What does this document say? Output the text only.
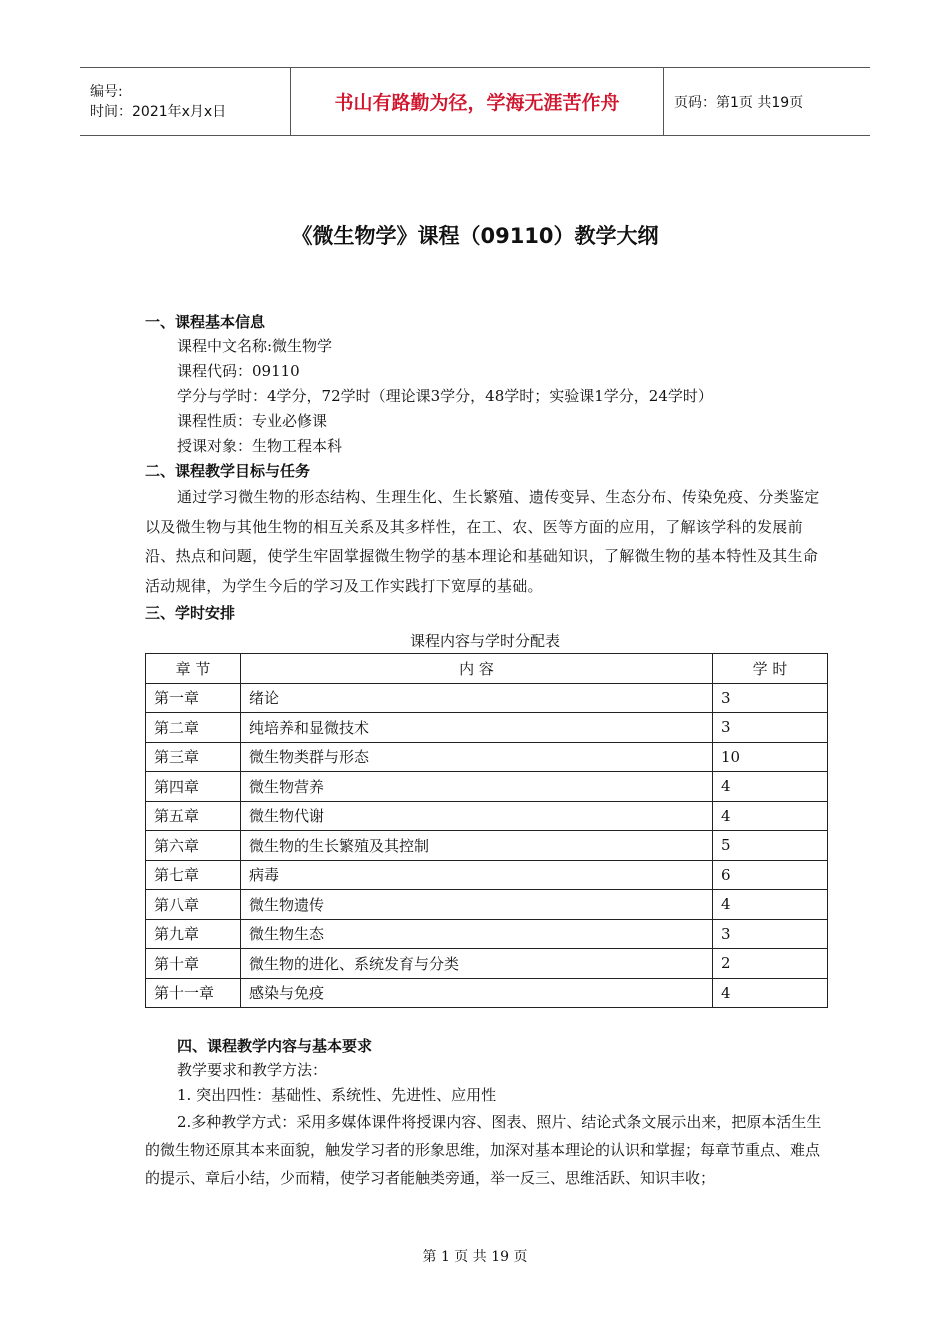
编号:
时间：2021年x月x日	书山有路勤为径，学海无涯苦作舟	页码：第1页 共19页
《微生物学》课程（09110）教学大纲
一、课程基本信息
课程中文名称:微生物学
课程代码：09110
学分与学时：4学分，72学时（理论课3学分，48学时；实验课1学分，24学时）
课程性质：专业必修课
授课对象：生物工程本科
二、课程教学目标与任务
通过学习微生物的形态结构、生理生化、生长繁殖、遗传变异、生态分布、传染免疫、分类鉴定以及微生物与其他生物的相互关系及其多样性，在工、农、医等方面的应用，了解该学科的发展前沿、热点和问题，使学生牢固掌握微生物学的基本理论和基础知识，了解微生物的基本特性及其生命活动规律，为学生今后的学习及工作实践打下宽厚的基础。
三、学时安排
课程内容与学时分配表
章 节	内 容	学 时
第一章	绪论	3
第二章	纯培养和显微技术	3
第三章	微生物类群与形态	10
第四章	微生物营养	4
第五章	微生物代谢	4
第六章	微生物的生长繁殖及其控制	5
第七章	病毒	6
第八章	微生物遗传	4
第九章	微生物生态	3
第十章	微生物的进化、系统发育与分类	2
第十一章	感染与免疫	4
四、课程教学内容与基本要求
教学要求和教学方法：
1. 突出四性：基础性、系统性、先进性、应用性
2.多种教学方式：采用多媒体课件将授课内容、图表、照片、结论式条文展示出来，把原本活生生的微生物还原其本来面貌，触发学习者的形象思维，加深对基本理论的认识和掌握；每章节重点、难点的提示、章后小结，少而精，使学习者能触类旁通，举一反三、思维活跃、知识丰收；
第 1 页 共 19 页
